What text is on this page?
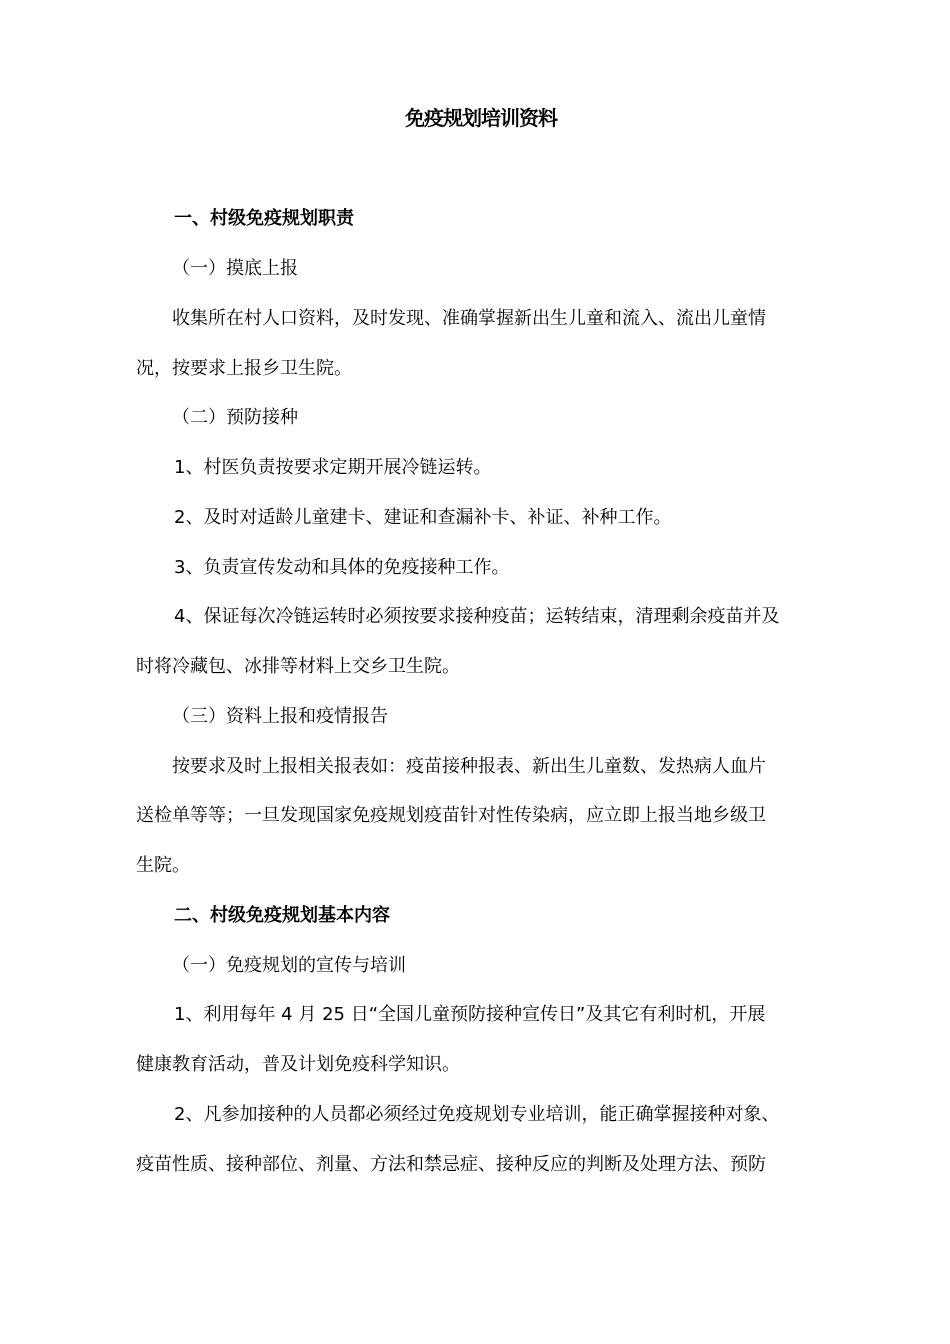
免疫规划培训资料
一、村级免疫规划职责
（一）摸底上报
收集所在村人口资料，及时发现、准确掌握新出生儿童和流入、流出儿童情
况，按要求上报乡卫生院。
（二）预防接种
1、村医负责按要求定期开展冷链运转。
2、及时对适龄儿童建卡、建证和查漏补卡、补证、补种工作。
3、负责宣传发动和具体的免疫接种工作。
4、保证每次冷链运转时必须按要求接种疫苗；运转结束，清理剩余疫苗并及
时将冷藏包、冰排等材料上交乡卫生院。
（三）资料上报和疫情报告
按要求及时上报相关报表如：疫苗接种报表、新出生儿童数、发热病人血片
送检单等等；一旦发现国家免疫规划疫苗针对性传染病，应立即上报当地乡级卫
生院。
二、村级免疫规划基本内容
（一）免疫规划的宣传与培训
1、利用每年 4 月 25 日“全国儿童预防接种宣传日”及其它有利时机，开展
健康教育活动，普及计划免疫科学知识。
2、凡参加接种的人员都必须经过免疫规划专业培训，能正确掌握接种对象、
疫苗性质、接种部位、剂量、方法和禁忌症、接种反应的判断及处理方法、预防
